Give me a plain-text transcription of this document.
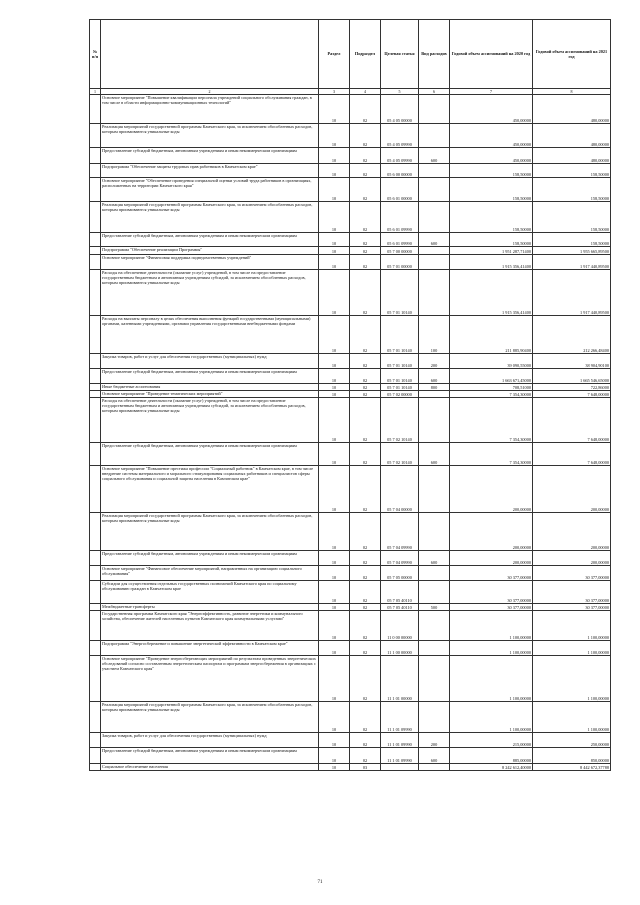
№ п/п		Раздел	Подраздел	Целевая статья	Вид расходов	Годовой объем ассигнований на 2020 год	Годовой объем ассигнований на 2021 год
1	2	3	4	5	6	7	8
	Основное мероприятие "Повышение квалификации персонала учреждений социального обслуживания граждан, в том числе в области информационно-коммуникационных технологий"	10	02	05 4 05 00000		450,00000	480,00000
	Реализация мероприятий государственной программы Камчатского края, за исключением обособленных расходов, которым присваиваются уникальные коды	10	02	05 4 05 09990		450,00000	480,00000
	Предоставление субсидий бюджетным, автономным учреждениям и иным некоммерческим организациям	10	02	05 4 05 09990	600	450,00000	480,00000
	Подпрограмма "Обеспечение защиты трудовых прав работников в Камчатском крае"	10	02	05 6 00 00000		158,50000	158,50000
	Основное мероприятие "Обеспечение проведения специальной оценки условий труда работников в организациях, расположенных на территории Камчатского края"	10	02	05 6 01 00000		158,50000	158,50000
	Реализация мероприятий государственной программы Камчатского края, за исключением обособленных расходов, которым присваиваются уникальные коды	10	02	05 6 01 09990		158,50000	158,50000
	Предоставление субсидий бюджетным, автономным учреждениям и иным некоммерческим организациям	10	02	05 6 01 09990	600	158,50000	158,50000
	Подпрограмма "Обеспечение реализации Программы"	10	02	05 7 00 00000		1 951 287,71400	1 955 665,89500
	Основное мероприятие "Финансовая поддержка подведомственных учреждений"	10	02	05 7 01 00000		1 915 356,41400	1 917 440,89500
	Расходы на обеспечение деятельности (оказание услуг) учреждений, в том числе на предоставление государственным бюджетным и автономным учреждениям субсидий, за исключением обособленных расходов, которым присваиваются уникальные коды	10	02	05 7 01 10140		1 915 356,41400	1 917 440,89500
	Расходы на выплаты персоналу в целях обеспечения выполнения функций государственными (муниципальными) органами, казенными учреждениями, органами управления государственными внебюджетными фондами	10	02	05 7 01 10140	100	211 885,90400	212 266,48400
	Закупка товаров, работ и услуг для обеспечения государственных (муниципальных) нужд	10	02	05 7 01 10140	200	39 090,55000	38 904,90100
	Предоставление субсидий бюджетным, автономным учреждениям и иным некоммерческим организациям	10	02	05 7 01 10140	600	1 663 671,45000	1 665 546,65000
	Иные бюджетные ассигнования	10	02	05 7 01 10140	800	708,51000	722,86000
	Основное мероприятие "Проведение тематических мероприятий"	10	02	05 7 02 00000		7 354,30000	7 648,00000
	Расходы на обеспечение деятельности (оказание услуг) учреждений, в том числе на предоставление государственным бюджетным и автономным учреждениям субсидий, за исключением обособленных расходов, которым присваиваются уникальные коды	10	02	05 7 02 10140		7 354,30000	7 648,00000
	Предоставление субсидий бюджетным, автономным учреждениям и иным некоммерческим организациям	10	02	05 7 02 10140	600	7 354,30000	7 648,00000
	Основное мероприятие "Повышение престижа профессии "Социальный работник" в Камчатском крае, в том числе внедрение системы материального и морального стимулирования социальных работников и специалистов сферы социального обслуживания и социальной защиты населения в Камчатском крае"	10	02	05 7 04 00000		200,00000	200,00000
	Реализация мероприятий государственной программы Камчатского края, за исключением обособленных расходов, которым присваиваются уникальные коды	10	02	05 7 04 09990		200,00000	200,00000
	Предоставление субсидий бюджетным, автономным учреждениям и иным некоммерческим организациям	10	02	05 7 04 09990	600	200,00000	200,00000
	Основное мероприятие "Финансовое обеспечение мероприятий, направленных на организацию социального обслуживания"	10	02	05 7 05 00000		30 377,00000	30 377,00000
	Субсидии для осуществления отдельных государственных полномочий Камчатского края по социальному обслуживанию граждан в Камчатском крае	10	02	05 7 05 40110		30 377,00000	30 377,00000
	Межбюджетные трансферты	10	02	05 7 05 40110	500	30 377,00000	30 377,00000
	Государственная программа Камчатского края "Энергоэффективность, развитие энергетики и коммунального хозяйства, обеспечение жителей населенных пунктов Камчатского края коммунальными услугами"	10	02	11 0 00 00000		1 100,00000	1 100,00000
	Подпрограмма "Энергосбережение и повышение энергетической эффективности в Камчатском крае"	10	02	11 1 00 00000		1 100,00000	1 100,00000
	Основное мероприятие "Проведение энергосберегающих мероприятий по результатам проведенных энергетических обследований согласно составленным энергетическим паспортам и программам энергосбережения в организациях с участием Камчатского края"	10	02	11 1 01 00000		1 100,00000	1 100,00000
	Реализация мероприятий государственной программы Камчатского края, за исключением обособленных расходов, которым присваиваются уникальные коды	10	02	11 1 01 09990		1 100,00000	1 100,00000
	Закупка товаров, работ и услуг для обеспечения государственных (муниципальных) нужд	10	02	11 1 01 09990	200	215,00000	250,00000
	Предоставление субсидий бюджетным, автономным учреждениям и иным некоммерческим организациям	10	02	11 1 01 09990	600	885,00000	850,00000
	Социальное обеспечение населения	10	03			8 242 612,40000	8 442 672,37788
71
